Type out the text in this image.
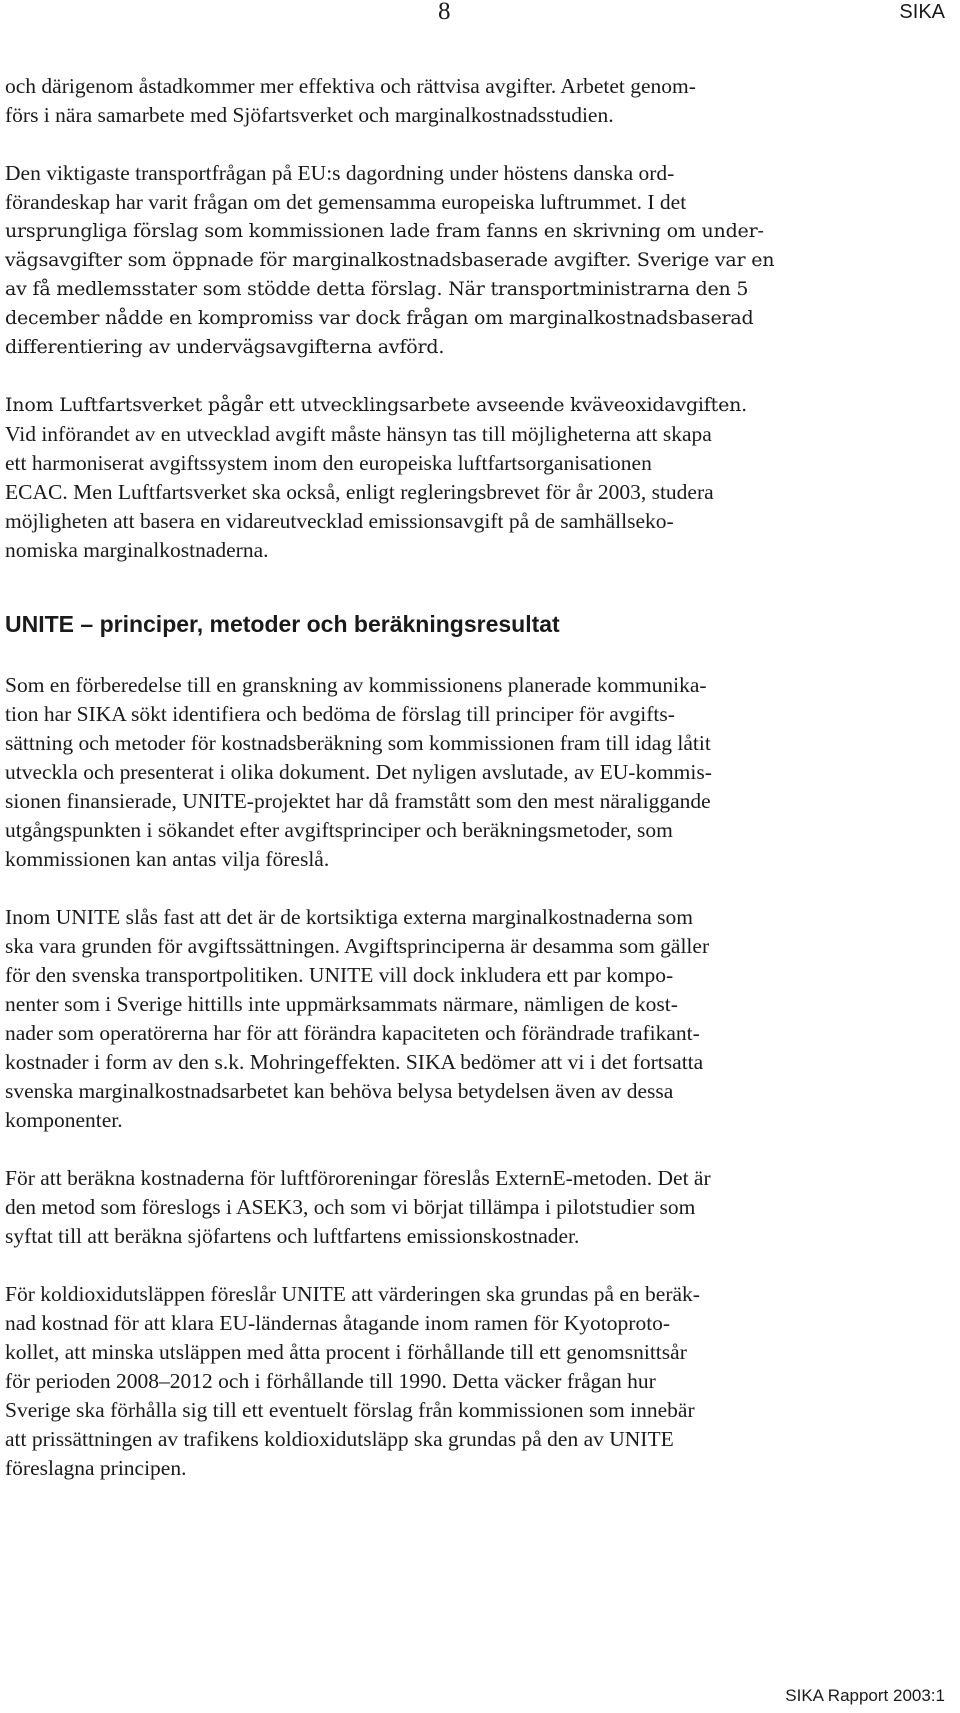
8	SIKA

och därigenom åstadkommer mer effektiva och rättvisa avgifter. Arbetet genom-
förs i nära samarbete med Sjöfartsverket och marginalkostnadsstudien.

Den viktigaste transportfrågan på EU:s dagordning under höstens danska ord-
förandeskap har varit frågan om det gemensamma europeiska luftrummet. I det
ursprungliga förslag som kommissionen lade fram fanns en skrivning om under-
vägsavgifter som öppnade för marginalkostnadsbaserade avgifter. Sverige var en
av få medlemsstater som stödde detta förslag. När transportministrarna den 5
december nådde en kompromiss var dock frågan om marginalkostnadsbaserad
differentiering av undervägsavgifterna avförd.

Inom Luftfartsverket pågår ett utvecklingsarbete avseende kväveoxidavgiften.
Vid införandet av en utvecklad avgift måste hänsyn tas till möjligheterna att skapa
ett harmoniserat avgiftssystem inom den europeiska luftfartsorganisationen
ECAC. Men Luftfartsverket ska också, enligt regleringsbrevet för år 2003, studera
möjligheten att basera en vidareutvecklad emissionsavgift på de samhällseko-
nomiska marginalkostnaderna.

UNITE – principer, metoder och beräkningsresultat

Som en förberedelse till en granskning av kommissionens planerade kommunika-
tion har SIKA sökt identifiera och bedöma de förslag till principer för avgifts-
sättning och metoder för kostnadsberäkning som kommissionen fram till idag låtit
utveckla och presenterat i olika dokument. Det nyligen avslutade, av EU-kommis-
sionen finansierade, UNITE-projektet har då framstått som den mest näraliggande
utgångspunkten i sökandet efter avgiftsprinciper och beräkningsmetoder, som
kommissionen kan antas vilja föreslå.

Inom UNITE slås fast att det är de kortsiktiga externa marginalkostnaderna som
ska vara grunden för avgiftssättningen. Avgiftsprinciperna är desamma som gäller
för den svenska transportpolitiken. UNITE vill dock inkludera ett par kompo-
nenter som i Sverige hittills inte uppmärksammats närmare, nämligen de kost-
nader som operatörerna har för att förändra kapaciteten och förändrade trafikant-
kostnader i form av den s.k. Mohringeffekten. SIKA bedömer att vi i det fortsatta
svenska marginalkostnadsarbetet kan behöva belysa betydelsen även av dessa
komponenter.

För att beräkna kostnaderna för luftföroreningar föreslås ExternE-metoden. Det är
den metod som föreslogs i ASEK3, och som vi börjat tillämpa i pilotstudier som
syftat till att beräkna sjöfartens och luftfartens emissionskostnader.

För koldioxidutsläppen föreslår UNITE att värderingen ska grundas på en beräk-
nad kostnad för att klara EU-ländernas åtagande inom ramen för Kyotoproto-
kollet, att minska utsläppen med åtta procent i förhållande till ett genomsnittsår
för perioden 2008–2012 och i förhållande till 1990. Detta väcker frågan hur
Sverige ska förhålla sig till ett eventuelt förslag från kommissionen som innebär
att prissättningen av trafikens koldioxidutsläpp ska grundas på den av UNITE
föreslagna principen.

SIKA Rapport 2003:1
